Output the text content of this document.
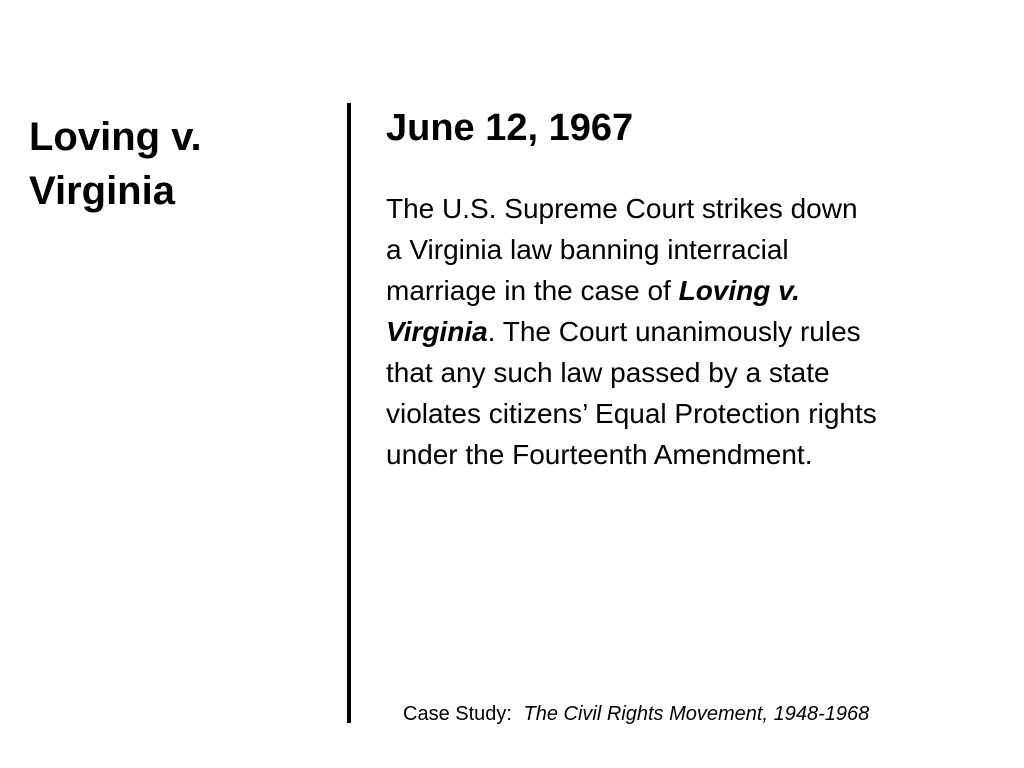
Loving v.
Virginia
June 12, 1967

The U.S. Supreme Court strikes down
a Virginia law banning interracial
marriage in the case of Loving v.
Virginia. The Court unanimously rules
that any such law passed by a state
violates citizens’ Equal Protection rights
under the Fourteenth Amendment.

Case Study: The Civil Rights Movement, 1948-1968
